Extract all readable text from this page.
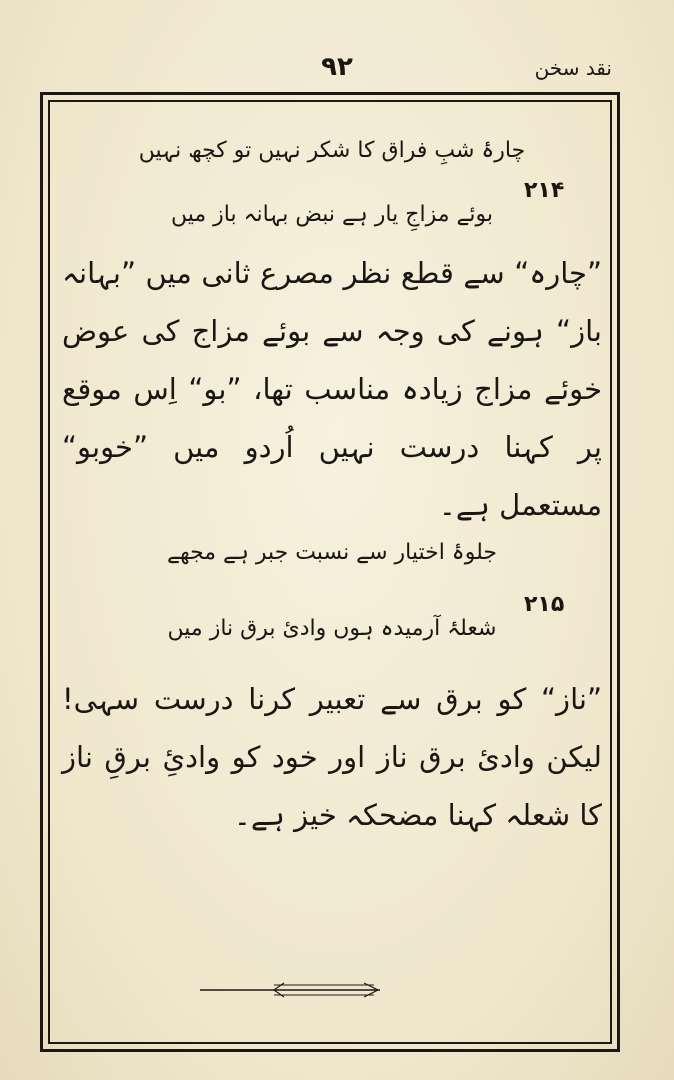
نقد سخن
۹۲
چارۂ شبِ فراق کا شکر نہیں تو کچھ نہیں
۲۱۴
بوئے مزاجِ یار ہے نبض بہانہ باز میں
”چارہ“ سے قطع نظر مصرع ثانی میں ”بہانہ باز“ ہونے کی وجہ سے بوئے مزاج کی عوض خوئے مزاج زیادہ مناسب تھا، ”بو“ اِس موقع پر کہنا درست نہیں اُردو میں ”خوبو“ مستعمل ہے۔
جلوۂ اختیار سے نسبت جبر ہے مجھے
۲۱۵
شعلۂ آرمیدہ ہوں وادئ برق ناز میں
”ناز“ کو برق سے تعبیر کرنا درست سہی! لیکن وادئ برق ناز اور خود کو وادئِ برقِ ناز کا شعلہ کہنا مضحکہ خیز ہے۔
